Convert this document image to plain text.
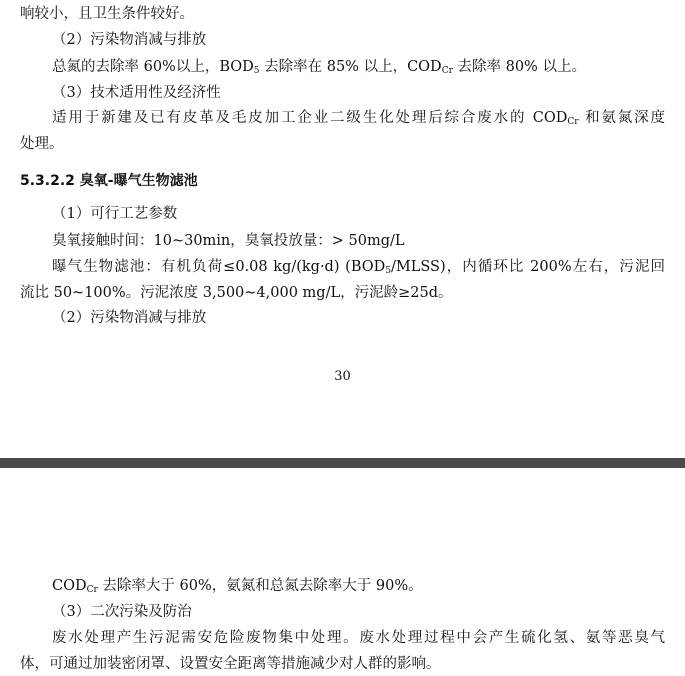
响较小，且卫生条件较好。
（2）污染物消减与排放
总氮的去除率 60%以上，$BOD_5$ 去除率在 85% 以上，$COD_{Cr}$ 去除率 80% 以上。
（3）技术适用性及经济性
适用于新建及已有皮革及毛皮加工企业二级生化处理后综合废水的 $COD_{Cr}$ 和氨氮深度
处理。
5.3.2.2 臭氧-曝气生物滤池
（1）可行工艺参数
臭氧接触时间：10~30min，臭氧投放量：> 50mg/L
曝气生物滤池：有机负荷≤0.08 kg/(kg·d) $(BOD_5/MLSS)$，内循环比 200%左右，污泥回
流比 50~100%。污泥浓度 3,500~4,000 mg/L，污泥龄≥25d。
（2）污染物消减与排放
30
$COD_{Cr}$ 去除率大于 60%，氨氮和总氮去除率大于 90%。
（3）二次污染及防治
废水处理产生污泥需安危险废物集中处理。废水处理过程中会产生硫化氢、氨等恶臭气
体，可通过加装密闭罩、设置安全距离等措施减少对人群的影响。
